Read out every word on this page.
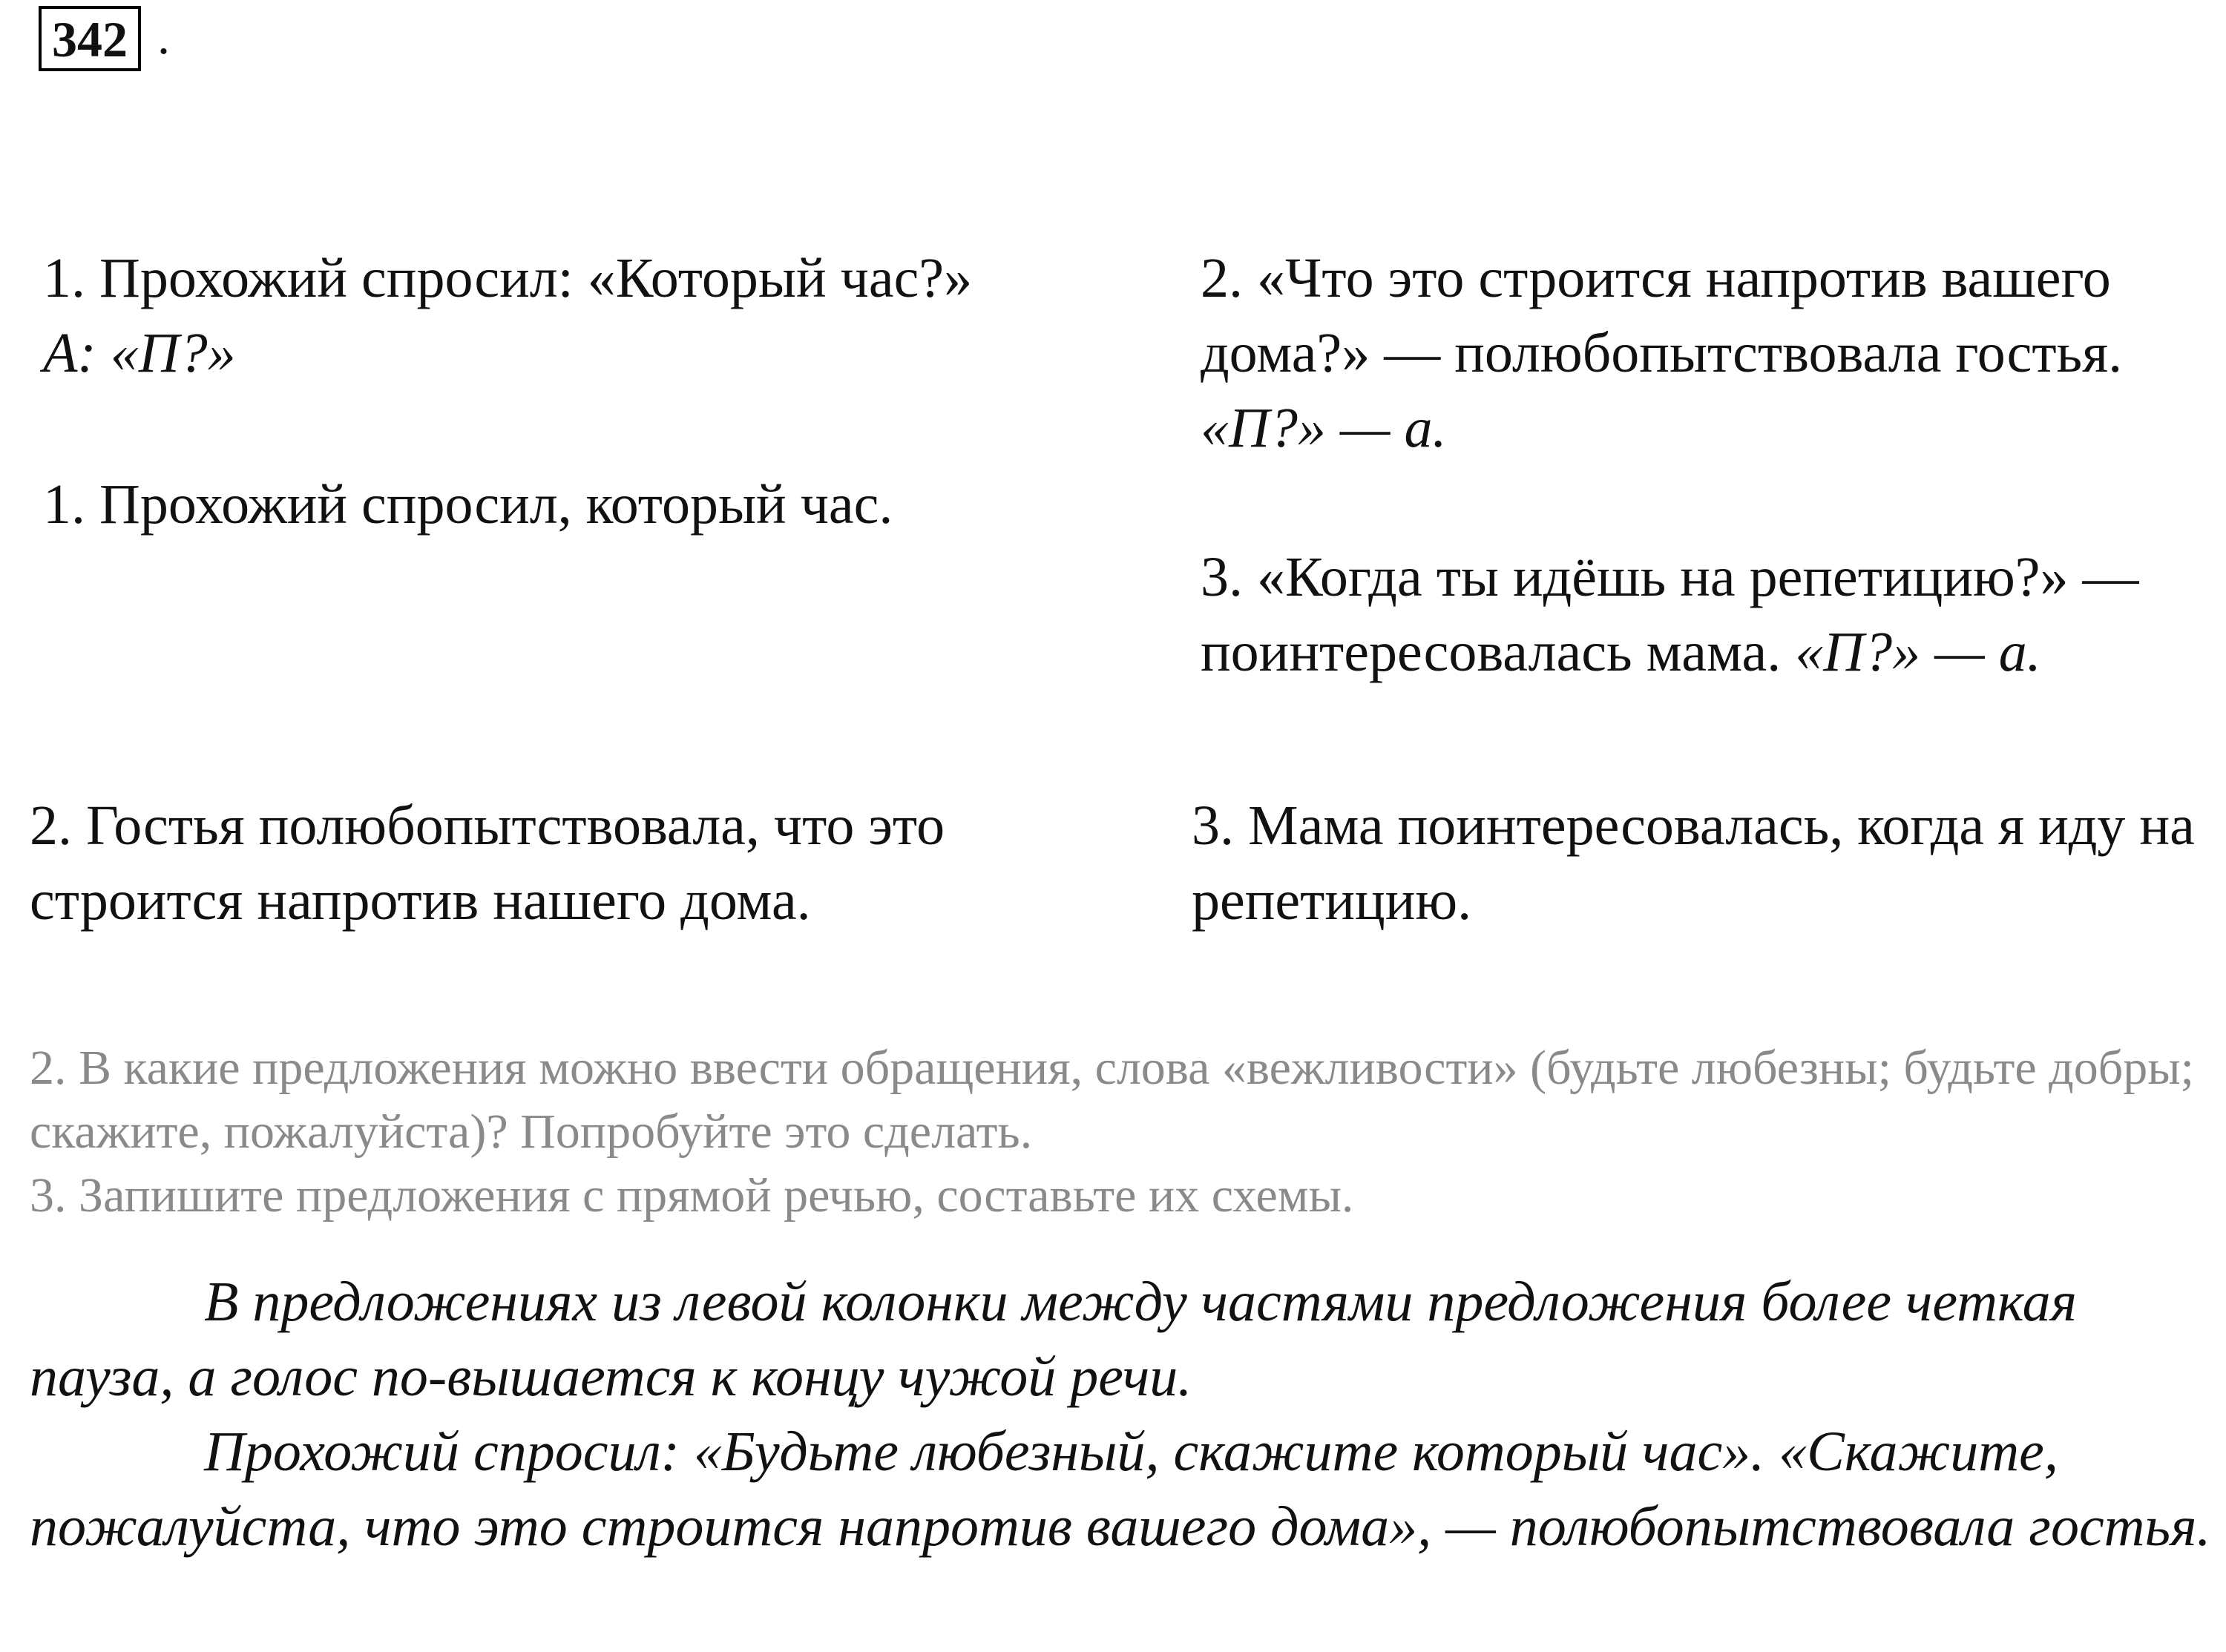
342 .

1. Прохожий спросил: «Который час?» А: «П?»

1. Прохожий спросил, который час.

2. «Что это строится напротив вашего дома?» — полюбопытствовала гостья. «П?» — а.

3. «Когда ты идёшь на репетицию?» — поинтересовалась мама. «П?» — а.

2. Гостья полюбопытствовала, что это строится напротив нашего дома.

3. Мама поинтересовалась, когда я иду на репетицию.

2. В какие предложения можно ввести обращения, слова «вежливости» (будьте любезны; будьте добры; скажите, пожалуйста)? Попробуйте это сделать.

3. Запишите предложения с прямой речью, составьте их схемы.

В предложениях из левой колонки между частями предложения более четкая пауза, а голос по-вышается к концу чужой речи.

Прохожий спросил: «Будьте любезный, скажите который час». «Скажите, пожалуйста, что это строится напротив вашего дома», — полюбопытствовала гостья.
